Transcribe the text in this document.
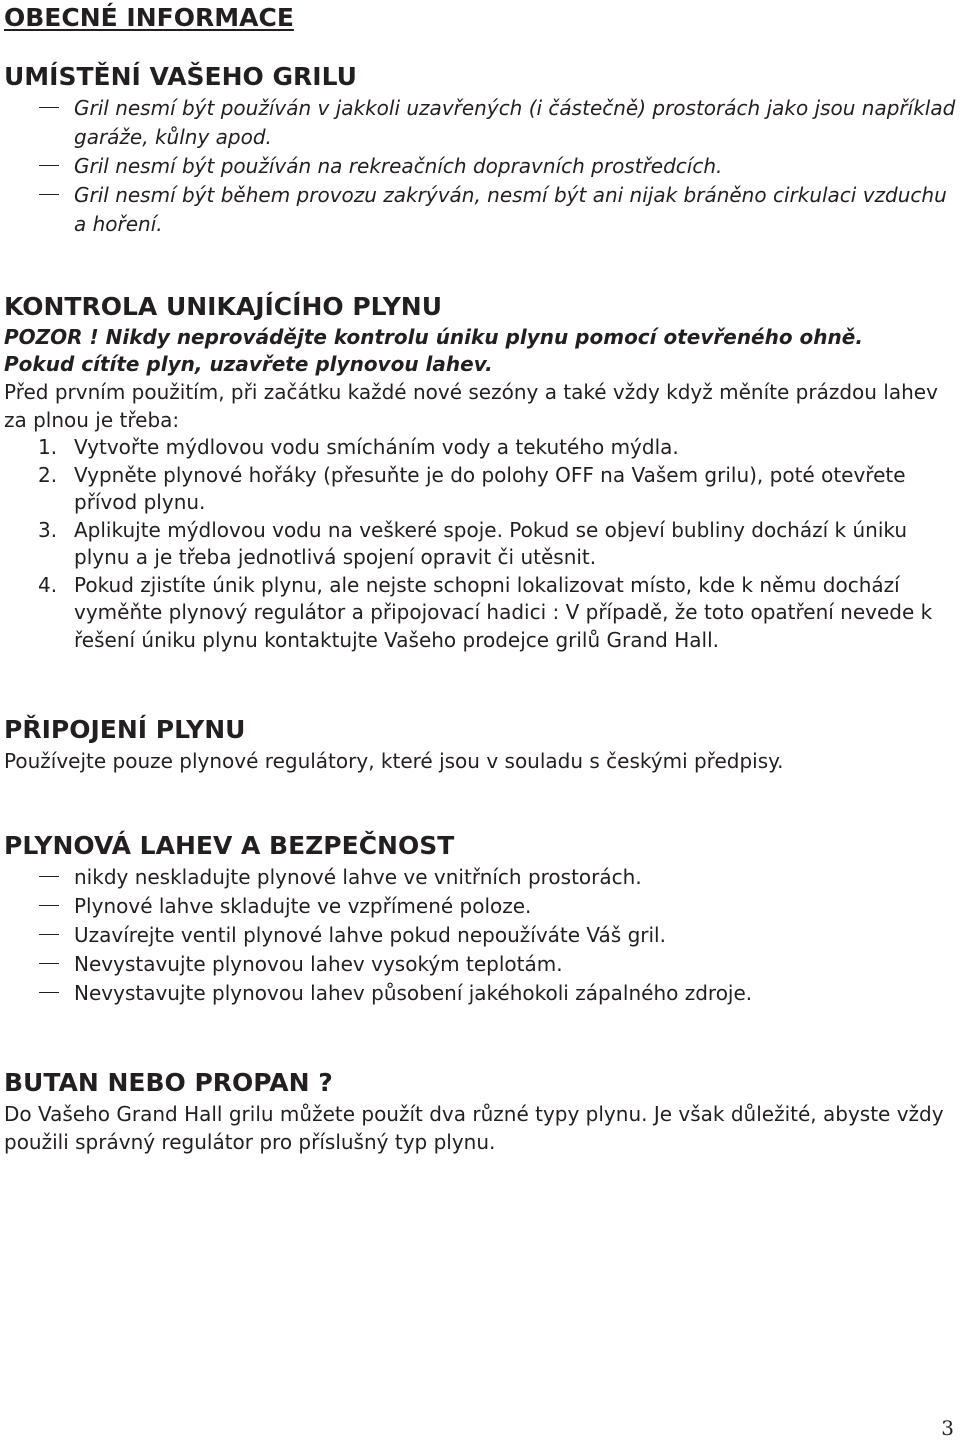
OBECNÉ INFORMACE
UMÍSTĚNÍ VAŠEHO GRILU
Gril nesmí být používán v jakkoli uzavřených (i částečně) prostorách jako jsou například garáže, kůlny apod.
Gril nesmí být používán na rekreačních dopravních prostředcích.
Gril nesmí být během provozu zakrýván, nesmí být ani nijak bráněno cirkulaci vzduchu a hoření.
KONTROLA UNIKAJÍCÍHO PLYNU

POZOR ! Nikdy neprovádějte kontrolu úniku plynu pomocí otevřeného ohně.

Pokud cítíte plyn, uzavřete plynovou lahev.

Před prvním použitím, při začátku každé nové sezóny a také vždy když měníte prázdou lahev za plnou je třeba:

1. Vytvořte mýdlovou vodu smícháním vody a tekutého mýdla.
2. Vypněte plynové hořáky (přesuňte je do polohy OFF na Vašem grilu), poté otevřete přívod plynu.
3. Aplikujte mýdlovou vodu na veškeré spoje. Pokud se objeví bubliny dochází k úniku plynu a je třeba jednotlivá spojení opravit či utěsnit.
4. Pokud zjistíte únik plynu, ale nejste schopni lokalizovat místo, kde k němu dochází vyměňte plynový regulátor a připojovací hadici : V případě, že toto opatření nevede k řešení úniku plynu kontaktujte Vašeho prodejce grilů Grand Hall.
PŘIPOJENÍ PLYNU

Používejte pouze plynové regulátory, které jsou v souladu s českými předpisy.

PLYNOVÁ LAHEV A BEZPEČNOST
nikdy neskladujte plynové lahve ve vnitřních prostorách.
Plynové lahve skladujte ve vzpřímené poloze.
Uzavírejte ventil plynové lahve pokud nepoužíváte Váš gril.
Nevystavujte plynovou lahev vysokým teplotám.
Nevystavujte plynovou lahev působení jakéhokoli zápalného zdroje.
BUTAN NEBO PROPAN ?

Do Vašeho Grand Hall grilu můžete použít dva různé typy plynu. Je však důležité, abyste vždy použili správný regulátor pro příslušný typ plynu.

3
